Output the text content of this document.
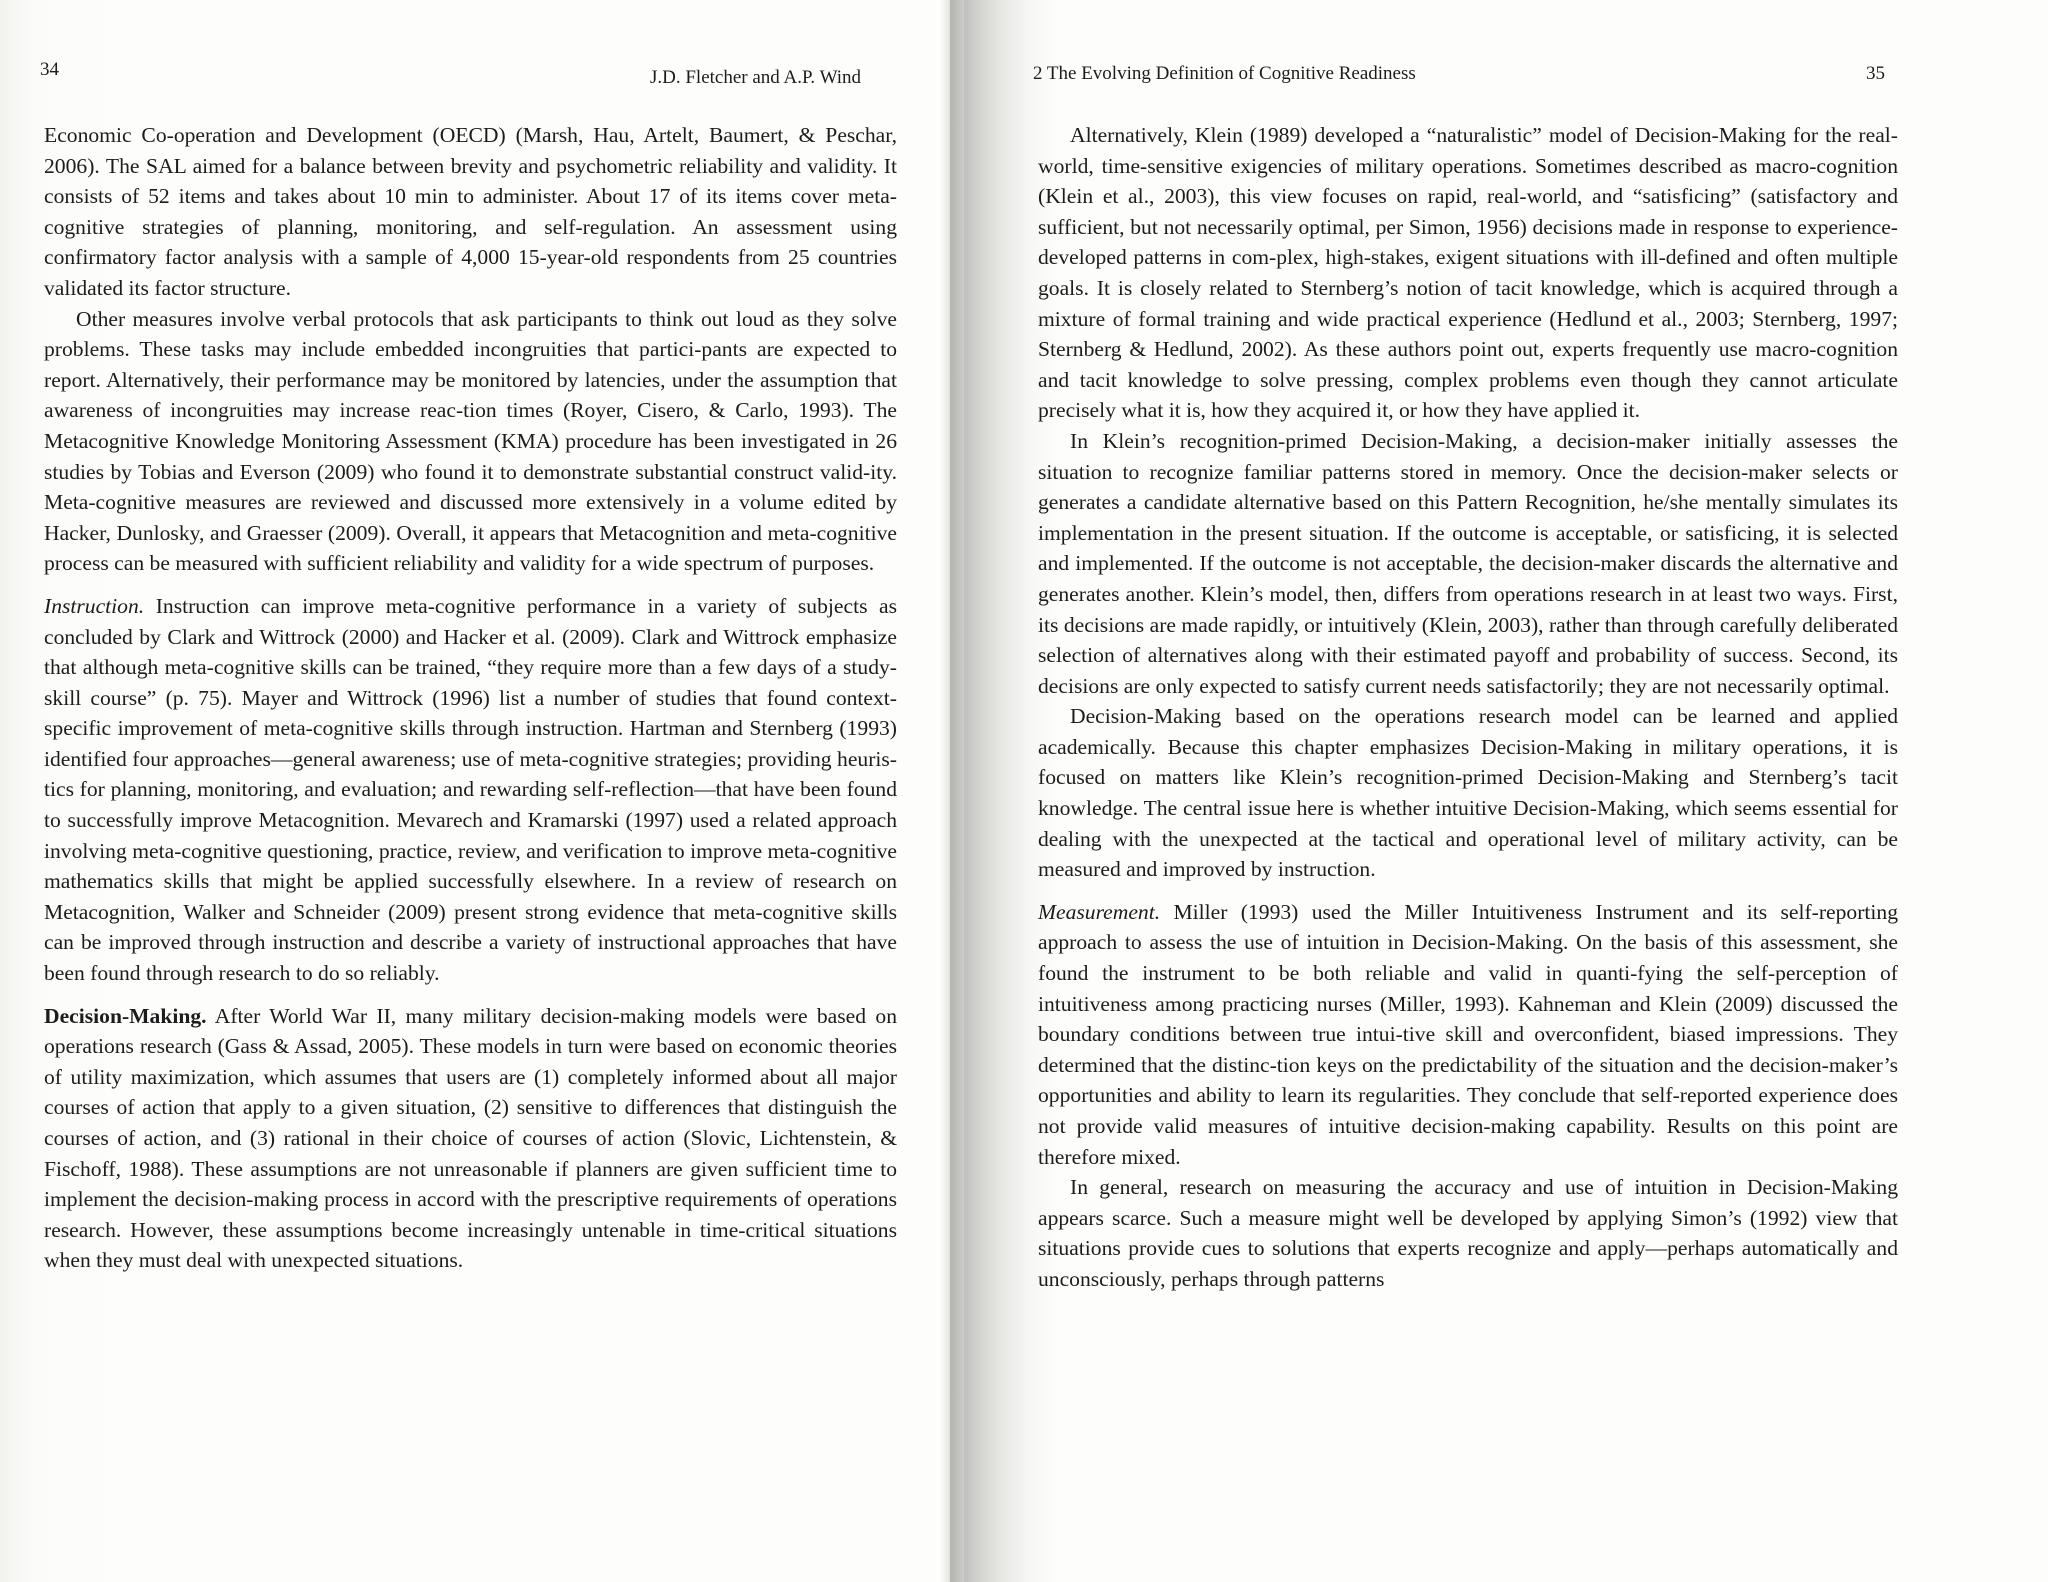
34	J.D. Fletcher and A.P. Wind

Economic Co-operation and Development (OECD) (Marsh, Hau, Artelt, Baumert, & Peschar, 2006). The SAL aimed for a balance between brevity and psychometric reliability and validity. It consists of 52 items and takes about 10 min to administer. About 17 of its items cover meta-cognitive strategies of planning, monitoring, and self-regulation. An assessment using confirmatory factor analysis with a sample of 4,000 15-year-old respondents from 25 countries validated its factor structure.

Other measures involve verbal protocols that ask participants to think out loud as they solve problems. These tasks may include embedded incongruities that partici-pants are expected to report. Alternatively, their performance may be monitored by latencies, under the assumption that awareness of incongruities may increase reac-tion times (Royer, Cisero, & Carlo, 1993). The Metacognitive Knowledge Monitoring Assessment (KMA) procedure has been investigated in 26 studies by Tobias and Everson (2009) who found it to demonstrate substantial construct valid-ity. Meta-cognitive measures are reviewed and discussed more extensively in a volume edited by Hacker, Dunlosky, and Graesser (2009). Overall, it appears that Metacognition and meta-cognitive process can be measured with sufficient reliability and validity for a wide spectrum of purposes.

Instruction. Instruction can improve meta-cognitive performance in a variety of subjects as concluded by Clark and Wittrock (2000) and Hacker et al. (2009). Clark and Wittrock emphasize that although meta-cognitive skills can be trained, “they require more than a few days of a study-skill course” (p. 75). Mayer and Wittrock (1996) list a number of studies that found context-specific improvement of meta-cognitive skills through instruction. Hartman and Sternberg (1993) identified four approaches—general awareness; use of meta-cognitive strategies; providing heuris-tics for planning, monitoring, and evaluation; and rewarding self-reflection—that have been found to successfully improve Metacognition. Mevarech and Kramarski (1997) used a related approach involving meta-cognitive questioning, practice, review, and verification to improve meta-cognitive mathematics skills that might be applied successfully elsewhere. In a review of research on Metacognition, Walker and Schneider (2009) present strong evidence that meta-cognitive skills can be improved through instruction and describe a variety of instructional approaches that have been found through research to do so reliably.

Decision-Making. After World War II, many military decision-making models were based on operations research (Gass & Assad, 2005). These models in turn were based on economic theories of utility maximization, which assumes that users are (1) completely informed about all major courses of action that apply to a given situation, (2) sensitive to differences that distinguish the courses of action, and (3) rational in their choice of courses of action (Slovic, Lichtenstein, & Fischoff, 1988). These assumptions are not unreasonable if planners are given sufficient time to implement the decision-making process in accord with the prescriptive requirements of operations research. However, these assumptions become increasingly untenable in time-critical situations when they must deal with unexpected situations.

2 The Evolving Definition of Cognitive Readiness	35

Alternatively, Klein (1989) developed a “naturalistic” model of Decision-Making for the real-world, time-sensitive exigencies of military operations. Sometimes described as macro-cognition (Klein et al., 2003), this view focuses on rapid, real-world, and “satisficing” (satisfactory and sufficient, but not necessarily optimal, per Simon, 1956) decisions made in response to experience-developed patterns in com-plex, high-stakes, exigent situations with ill-defined and often multiple goals. It is closely related to Sternberg’s notion of tacit knowledge, which is acquired through a mixture of formal training and wide practical experience (Hedlund et al., 2003; Sternberg, 1997; Sternberg & Hedlund, 2002). As these authors point out, experts frequently use macro-cognition and tacit knowledge to solve pressing, complex problems even though they cannot articulate precisely what it is, how they acquired it, or how they have applied it.

In Klein’s recognition-primed Decision-Making, a decision-maker initially assesses the situation to recognize familiar patterns stored in memory. Once the decision-maker selects or generates a candidate alternative based on this Pattern Recognition, he/she mentally simulates its implementation in the present situation. If the outcome is acceptable, or satisficing, it is selected and implemented. If the outcome is not acceptable, the decision-maker discards the alternative and generates another. Klein’s model, then, differs from operations research in at least two ways. First, its decisions are made rapidly, or intuitively (Klein, 2003), rather than through carefully deliberated selection of alternatives along with their estimated payoff and probability of success. Second, its decisions are only expected to satisfy current needs satisfactorily; they are not necessarily optimal.

Decision-Making based on the operations research model can be learned and applied academically. Because this chapter emphasizes Decision-Making in military operations, it is focused on matters like Klein’s recognition-primed Decision-Making and Sternberg’s tacit knowledge. The central issue here is whether intuitive Decision-Making, which seems essential for dealing with the unexpected at the tactical and operational level of military activity, can be measured and improved by instruction.

Measurement. Miller (1993) used the Miller Intuitiveness Instrument and its self-reporting approach to assess the use of intuition in Decision-Making. On the basis of this assessment, she found the instrument to be both reliable and valid in quanti-fying the self-perception of intuitiveness among practicing nurses (Miller, 1993). Kahneman and Klein (2009) discussed the boundary conditions between true intui-tive skill and overconfident, biased impressions. They determined that the distinc-tion keys on the predictability of the situation and the decision-maker’s opportunities and ability to learn its regularities. They conclude that self-reported experience does not provide valid measures of intuitive decision-making capability. Results on this point are therefore mixed.

In general, research on measuring the accuracy and use of intuition in Decision-Making appears scarce. Such a measure might well be developed by applying Simon’s (1992) view that situations provide cues to solutions that experts recognize and apply—perhaps automatically and unconsciously, perhaps through patterns
